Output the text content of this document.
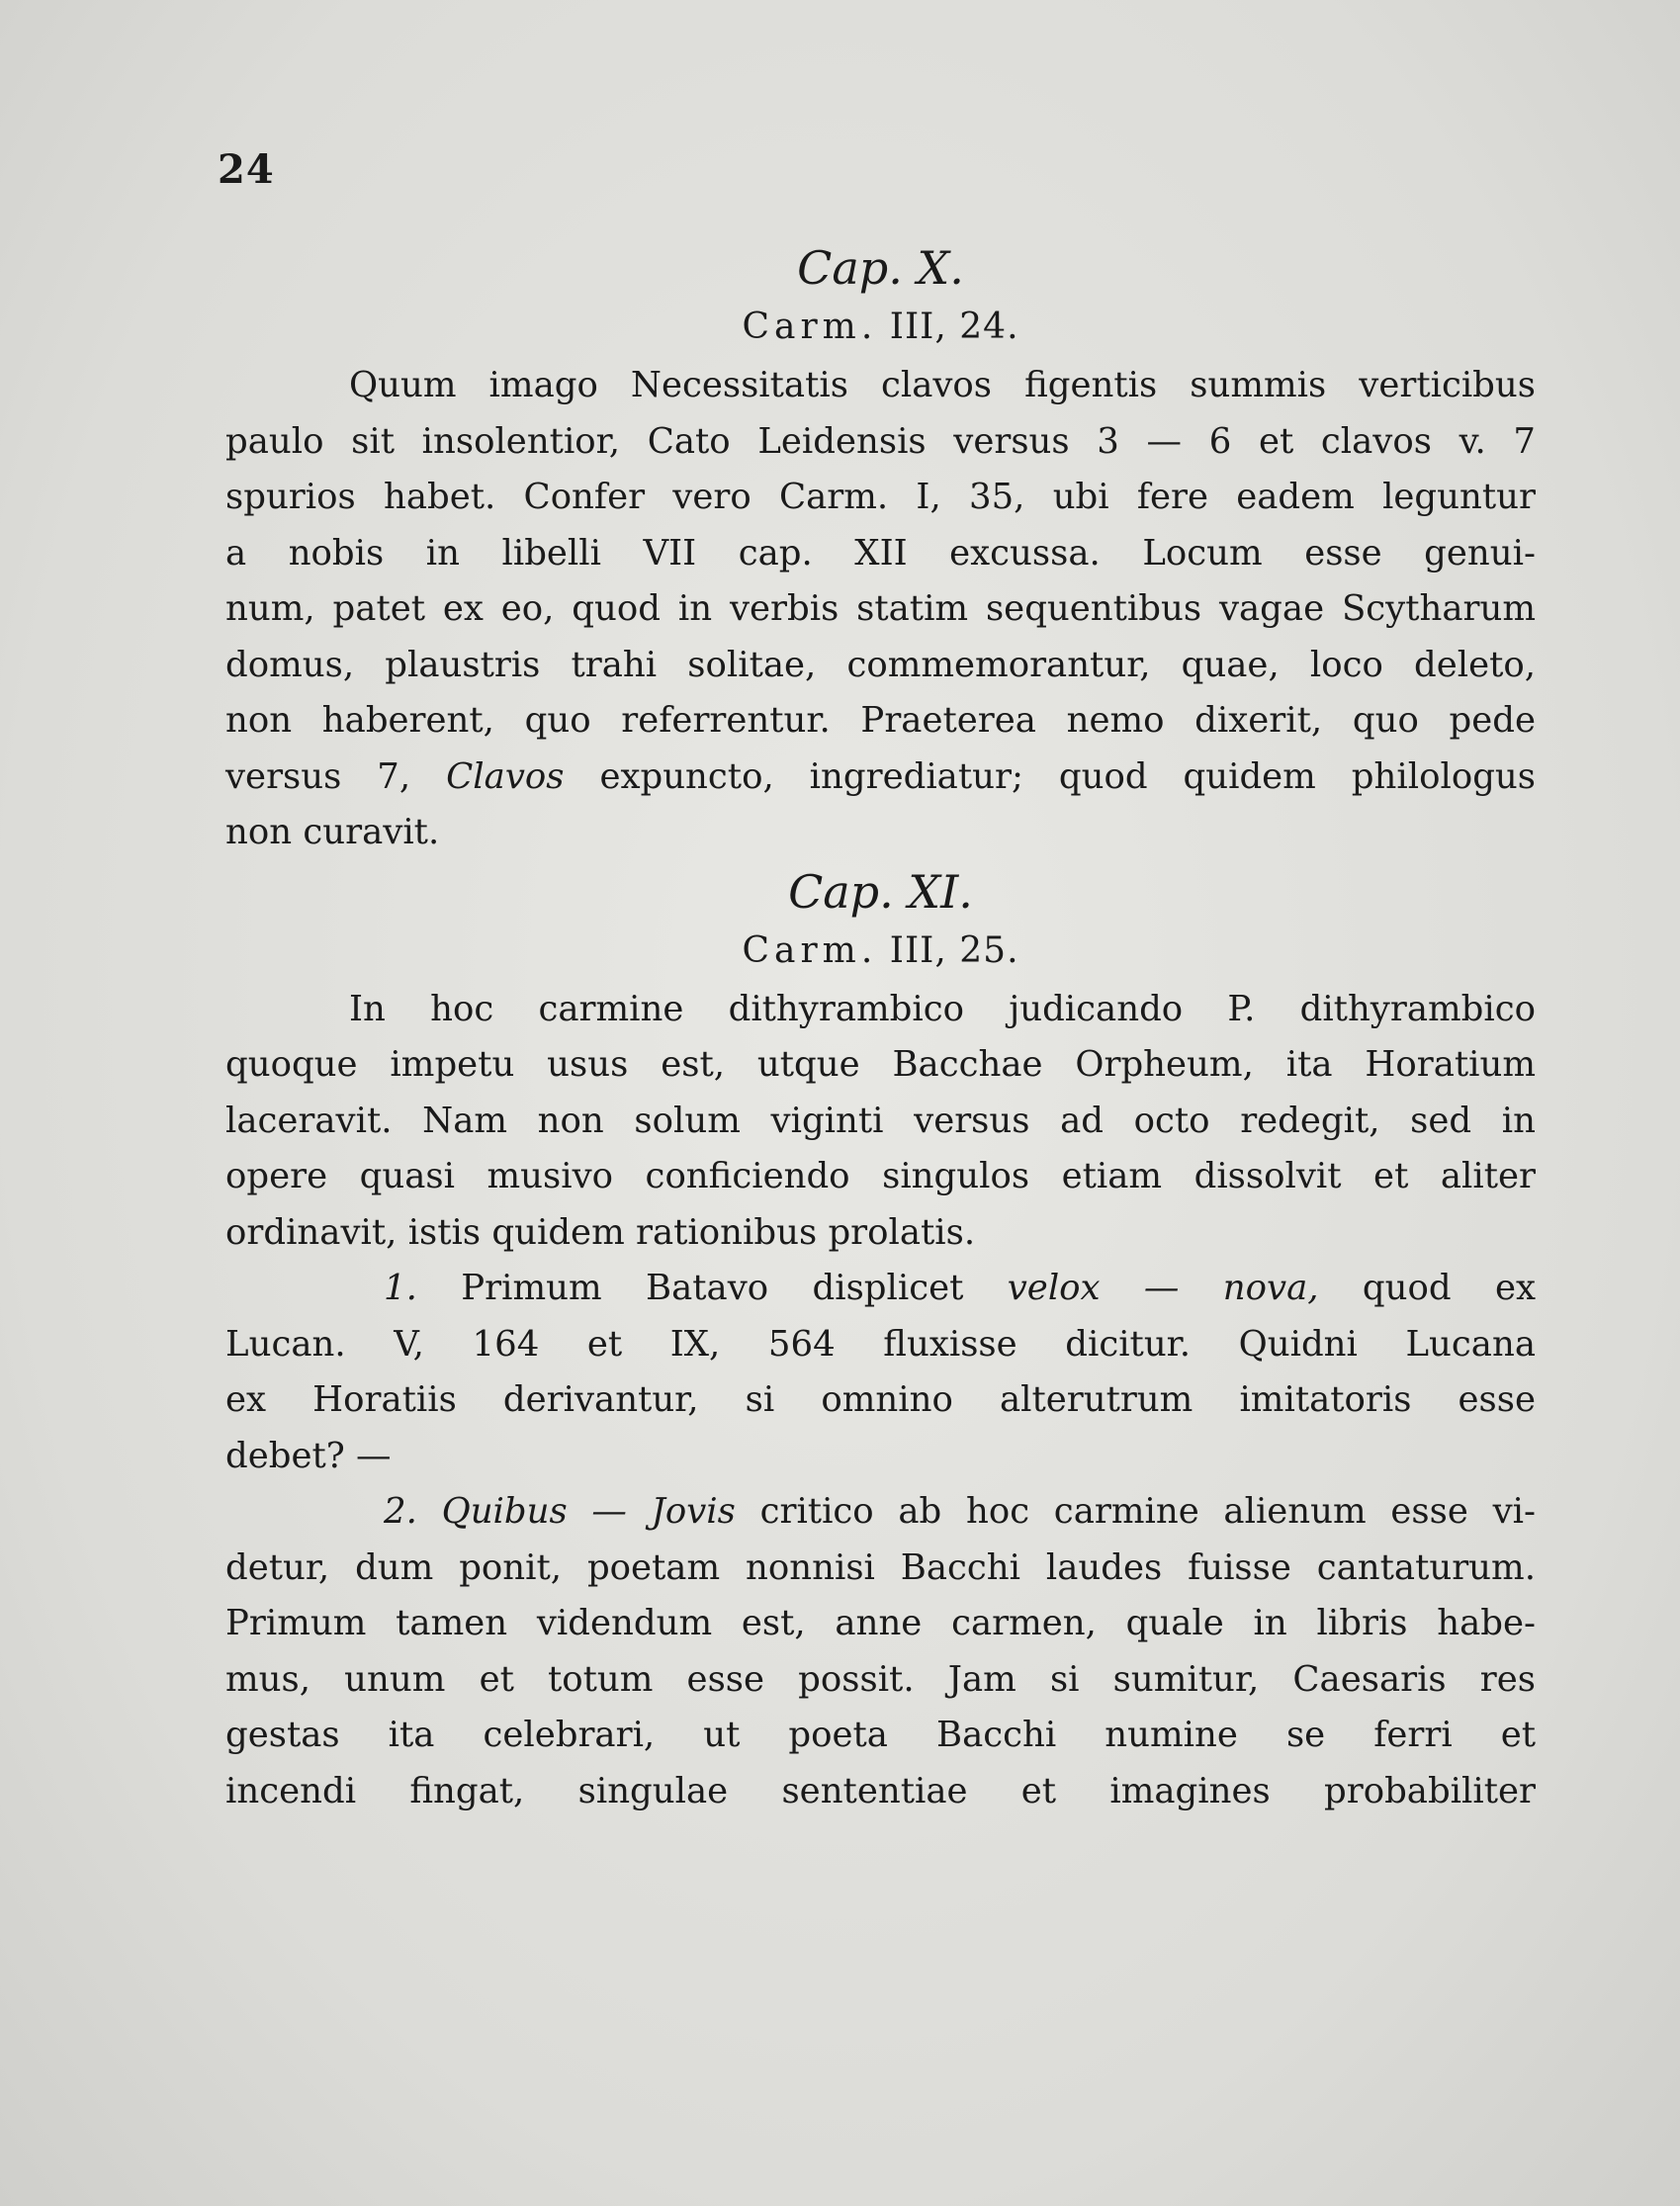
24

Cap. X.

Carm. III, 24.

Quum imago Necessitatis clavos figentis summis verticibus
paulo sit insolentior, Cato Leidensis versus 3 — 6 et clavos v. 7
spurios habet. Confer vero Carm. I, 35, ubi fere eadem leguntur
a nobis in libelli VII cap. XII excussa. Locum esse genui-
num, patet ex eo, quod in verbis statim sequentibus vagae Scytharum
domus, plaustris trahi solitae, commemorantur, quae, loco deleto,
non haberent, quo referrentur. Praeterea nemo dixerit, quo pede
versus 7, Clavos expuncto, ingrediatur; quod quidem philologus
non curavit.

Cap. XI.

Carm. III, 25.

In hoc carmine dithyrambico judicando P. dithyrambico
quoque impetu usus est, utque Bacchae Orpheum, ita Horatium
laceravit. Nam non solum viginti versus ad octo redegit, sed in
opere quasi musivo conficiendo singulos etiam dissolvit et aliter
ordinavit, istis quidem rationibus prolatis.
1. Primum Batavo displicet velox — nova, quod ex
Lucan. V, 164 et IX, 564 fluxisse dicitur. Quidni Lucana
ex Horatiis derivantur, si omnino alterutrum imitatoris esse
debet? —
2. Quibus — Jovis critico ab hoc carmine alienum esse vi-
detur, dum ponit, poetam nonnisi Bacchi laudes fuisse cantaturum.
Primum tamen videndum est, anne carmen, quale in libris habe-
mus, unum et totum esse possit. Jam si sumitur, Caesaris res
gestas ita celebrari, ut poeta Bacchi numine se ferri et
incendi fingat, singulae sententiae et imagines probabiliter
